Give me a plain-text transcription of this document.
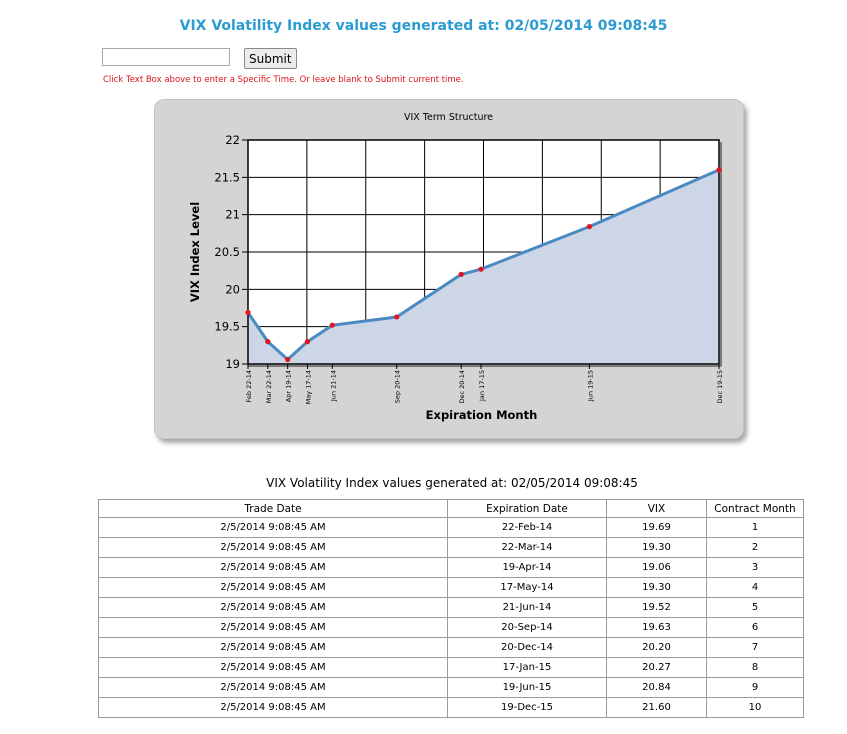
VIX Volatility Index values generated at: 02/05/2014 09:08:45
Submit
Click Text Box above to enter a Specific Time. Or leave blank to Submit current time.
19
19.5
20
20.5
21
21.5
22
Feb 22-14 Mar 22-14 Apr 19-14 May 17-14	Jun 21-14	Sep 20-14	Dec 20-14 Jan 17-15	Jun 19-15	Dec 19-15
VIX Term Structure
Expiration Month
VIX Index Level
VIX Volatility Index values generated at: 02/05/2014 09:08:45
Trade Date	Expiration Date	VIX	Contract Month
2/5/2014 9:08:45 AM	22-Feb-14	19.69	1
2/5/2014 9:08:45 AM	22-Mar-14	19.30	2
2/5/2014 9:08:45 AM	19-Apr-14	19.06	3
2/5/2014 9:08:45 AM	17-May-14	19.30	4
2/5/2014 9:08:45 AM	21-Jun-14	19.52	5
2/5/2014 9:08:45 AM	20-Sep-14	19.63	6
2/5/2014 9:08:45 AM	20-Dec-14	20.20	7
2/5/2014 9:08:45 AM	17-Jan-15	20.27	8
2/5/2014 9:08:45 AM	19-Jun-15	20.84	9
2/5/2014 9:08:45 AM	19-Dec-15	21.60	10
